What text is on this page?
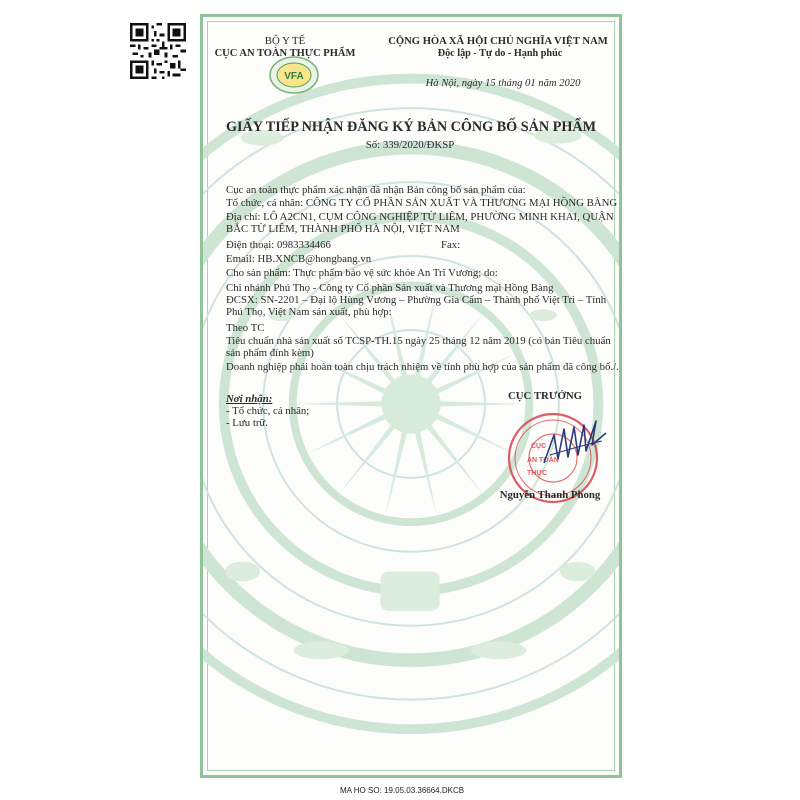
VFA
BỘ Y TẾ
CỤC AN TOÀN THỰC PHẨM
CỘNG HÒA XÃ HỘI CHỦ NGHĨA VIỆT NAM
Độc lập - Tự do - Hạnh phúc
Hà Nội, ngày 15 tháng 01 năm 2020
GIẤY TIẾP NHẬN ĐĂNG KÝ BẢN CÔNG BỐ SẢN PHẨM
Số: 339/2020/ĐKSP
Cục an toàn thực phẩm xác nhận đã nhận Bản công bố sản phẩm của:
Tổ chức, cá nhân: CÔNG TY CỔ PHẦN SẢN XUẤT VÀ THƯƠNG MẠI HỒNG BÀNG
Địa chỉ: LÔ A2CN1, CỤM CÔNG NGHIỆP TỪ LIÊM, PHƯỜNG MINH KHAI, QUẬN
BẮC TỪ LIÊM, THÀNH PHỐ HÀ NỘI, VIỆT NAM
Điện thoại: 0983334466	Fax:
Email: HB.XNCB@hongbang.vn
Cho sản phẩm: Thực phẩm bảo vệ sức khỏe An Trĩ Vương; do:
Chi nhánh Phú Thọ - Công ty Cổ phần Sản xuất và Thương mại Hồng Bàng
ĐCSX: SN-2201 – Đại lộ Hùng Vương – Phường Gia Cẩm – Thành phố Việt Trì – Tỉnh
Phú Thọ, Việt Nam sản xuất, phù hợp:
Theo TC
Tiêu chuẩn nhà sản xuất số TCSP-TH.15 ngày 25 tháng 12 năm 2019 (có bản Tiêu chuẩn
sản phẩm đính kèm)
Doanh nghiệp phải hoàn toàn chịu trách nhiệm về tính phù hợp của sản phẩm đã công bố./.
Nơi nhận:
- Tổ chức, cá nhân;
- Lưu trữ.
CỤC TRƯỞNG
CỤC
AN TOÀN
THỰC
Nguyễn Thanh Phong
MA HO SO: 19.05.03.36664.DKCB
